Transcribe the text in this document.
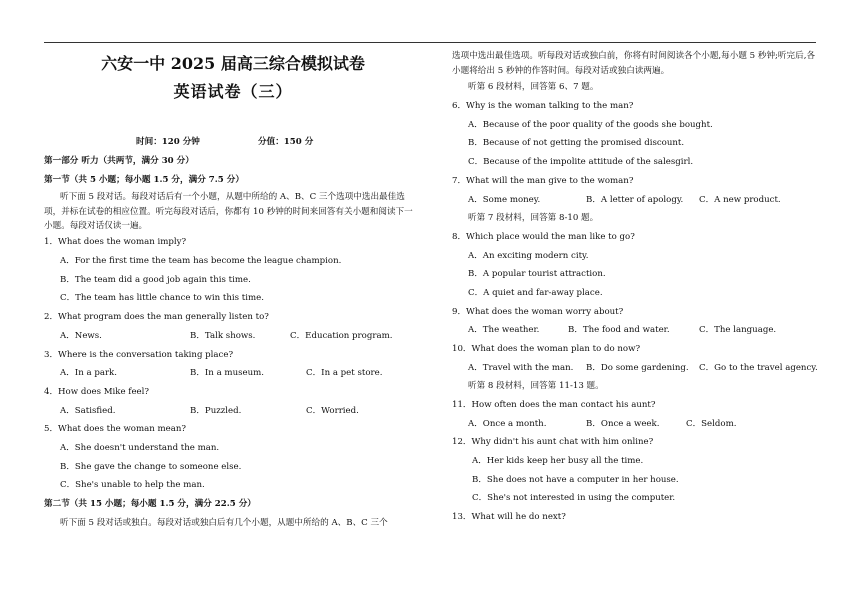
六安一中 2025 届高三综合模拟试卷
英语试卷（三）
时间：120 分钟	分值：150 分
第一部分 听力（共两节，满分 30 分）
第一节（共 5 小题；每小题 1.5 分，满分 7.5 分）
听下面 5 段对话。每段对话后有一个小题，从题中所给的 A、B、C 三个选项中选出最佳选项，并标在试卷的相应位置。听完每段对话后，你都有 10 秒钟的时间来回答有关小题和阅读下一小题。每段对话仅读一遍。
1．What does the woman imply?
A．For the first time the team has become the league champion.
B．The team did a good job again this time.
C．The team has little chance to win this time.
2．What program does the man generally listen to?
A．News.	B．Talk shows.	C．Education program.
3．Where is the conversation taking place?
A．In a park.	B．In a museum.	C．In a pet store.
4．How does Mike feel?
A．Satisfied.	B．Puzzled.	C．Worried.
5．What does the woman mean?
A．She doesn't understand the man.
B．She gave the change to someone else.
C．She's unable to help the man.
第二节（共 15 小题；每小题 1.5 分，满分 22.5 分）
听下面 5 段对话或独白。每段对话或独白后有几个小题，从题中所给的 A、B、C 三个
选项中选出最佳选项。听每段对话或独白前，你将有时间阅读各个小题,每小题 5 秒钟;听完后,各小题将给出 5 秒钟的作答时间。每段对话或独白读两遍。
听第 6 段材料，回答第 6、7 题。
6．Why is the woman talking to the man?
A．Because of the poor quality of the goods she bought.
B．Because of not getting the promised discount.
C．Because of the impolite attitude of the salesgirl.
7．What will the man give to the woman?
A．Some money.	B．A letter of apology. C．A new product.
听第 7 段材料，回答第 8-10 题。
8．Which place would the man like to go?
A．An exciting modern city.
B．A popular tourist attraction.
C．A quiet and far-away place.
9．What does the woman worry about?
A．The weather.	B．The food and water.	C．The language.
10．What does the woman plan to do now?
A．Travel with the man. B．Do some gardening. C．Go to the travel agency.
听第 8 段材料，回答第 11-13 题。
11．How often does the man contact his aunt?
A．Once a month.	B．Once a week.	C．Seldom.
12．Why didn't his aunt chat with him online?
A．Her kids keep her busy all the time.
B．She does not have a computer in her house.
C．She's not interested in using the computer.
13．What will he do next?
